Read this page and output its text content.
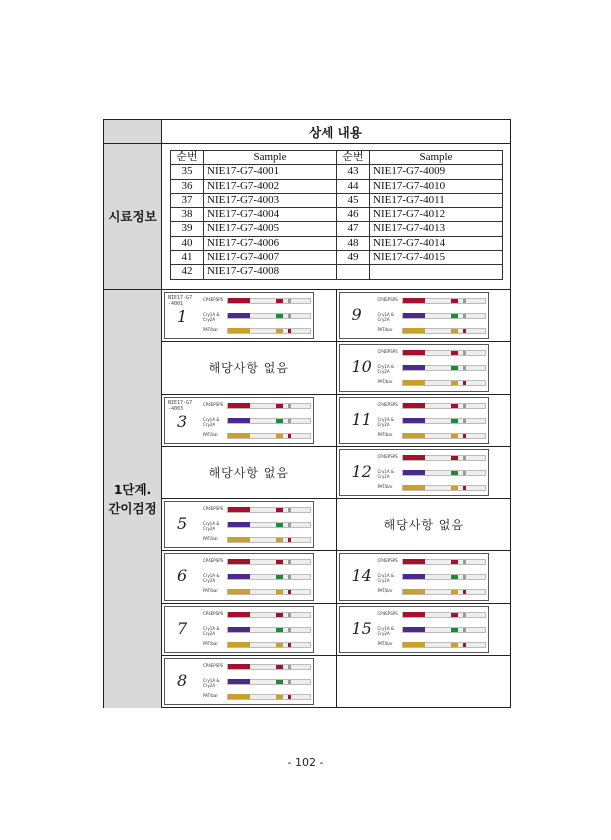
상세 내용
시료정보
순번	Sample	순번	Sample
35	NIE17-G7-4001	43	NIE17-G7-4009
36	NIE17-G7-4002	44	NIE17-G7-4010
37	NIE17-G7-4003	45	NIE17-G7-4011
38	NIE17-G7-4004	46	NIE17-G7-4012
39	NIE17-G7-4005	47	NIE17-G7-4013
40	NIE17-G7-4006	48	NIE17-G7-4014
41	NIE17-G7-4007	49	NIE17-G7-4015
42	NIE17-G7-4008		
1단계.
간이검정
1
NIE17-G7
-4001
CP4EPSPS
Cry1A &
Cry2A
PAT/bar
9
CP4EPSPS
Cry1A &
Cry2A
PAT/bar
해당사항 없음	10
CP4EPSPS
Cry1A &
Cry2A
PAT/bar
3
NIE17-G7
-4003
CP4EPSPS
Cry1A &
Cry2A
PAT/bar
11
CP4EPSPS
Cry1A &
Cry2A
PAT/bar
해당사항 없음	12
CP4EPSPS
Cry1A &
Cry2A
PAT/bar
5
CP4EPSPS
Cry1A &
Cry2A
PAT/bar
해당사항 없음
6
CP4EPSPS
Cry1A &
Cry2A
PAT/bar
14
CP4EPSPS
Cry1A &
Cry2A
PAT/bar
7
CP4EPSPS
Cry1A &
Cry2A
PAT/bar
15
CP4EPSPS
Cry1A &
Cry2A
PAT/bar
8
CP4EPSPS
Cry1A &
Cry2A
PAT/bar
- 102 -
